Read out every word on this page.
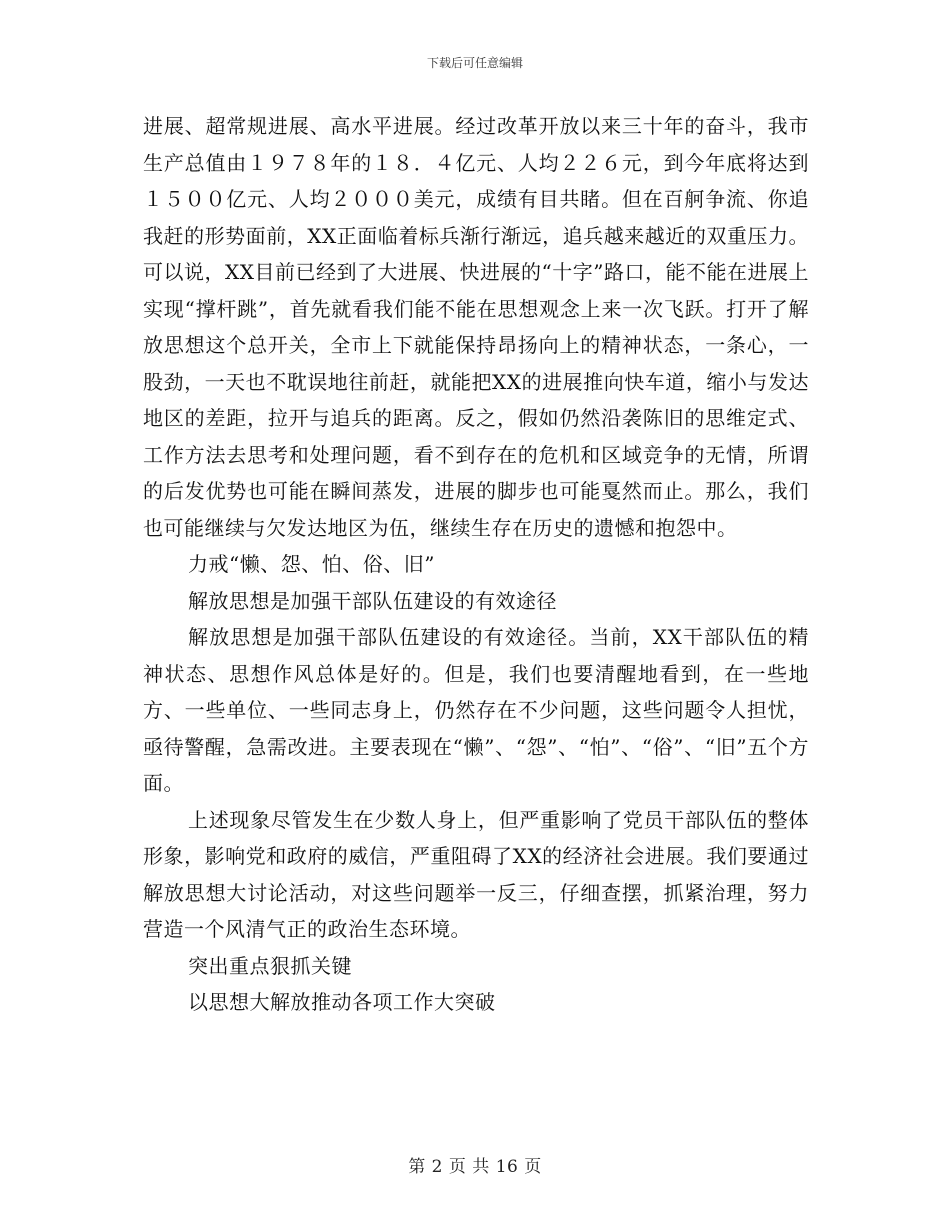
下载后可任意编辑

进展、超常规进展、高水平进展。经过改革开放以来三十年的奋斗，我市生产总值由１９７８年的１８．４亿元、人均２２６元，到今年底将达到１５００亿元、人均２０００美元，成绩有目共睹。但在百舸争流、你追我赶的形势面前，XX正面临着标兵渐行渐远，追兵越来越近的双重压力。可以说，XX目前已经到了大进展、快进展的“十字”路口，能不能在进展上实现“撑杆跳”，首先就看我们能不能在思想观念上来一次飞跃。打开了解放思想这个总开关，全市上下就能保持昂扬向上的精神状态，一条心，一股劲，一天也不耽误地往前赶，就能把XX的进展推向快车道，缩小与发达地区的差距，拉开与追兵的距离。反之，假如仍然沿袭陈旧的思维定式、工作方法去思考和处理问题，看不到存在的危机和区域竞争的无情，所谓的后发优势也可能在瞬间蒸发，进展的脚步也可能戛然而止。那么，我们也可能继续与欠发达地区为伍，继续生存在历史的遗憾和抱怨中。

力戒“懒、怨、怕、俗、旧”

解放思想是加强干部队伍建设的有效途径

解放思想是加强干部队伍建设的有效途径。当前，XX干部队伍的精神状态、思想作风总体是好的。但是，我们也要清醒地看到，在一些地方、一些单位、一些同志身上，仍然存在不少问题，这些问题令人担忧，亟待警醒，急需改进。主要表现在“懒”、“怨”、“怕”、“俗”、“旧”五个方面。

上述现象尽管发生在少数人身上，但严重影响了党员干部队伍的整体形象，影响党和政府的威信，严重阻碍了XX的经济社会进展。我们要通过解放思想大讨论活动，对这些问题举一反三，仔细查摆，抓紧治理，努力营造一个风清气正的政治生态环境。

突出重点狠抓关键

以思想大解放推动各项工作大突破

第 2 页 共 16 页
